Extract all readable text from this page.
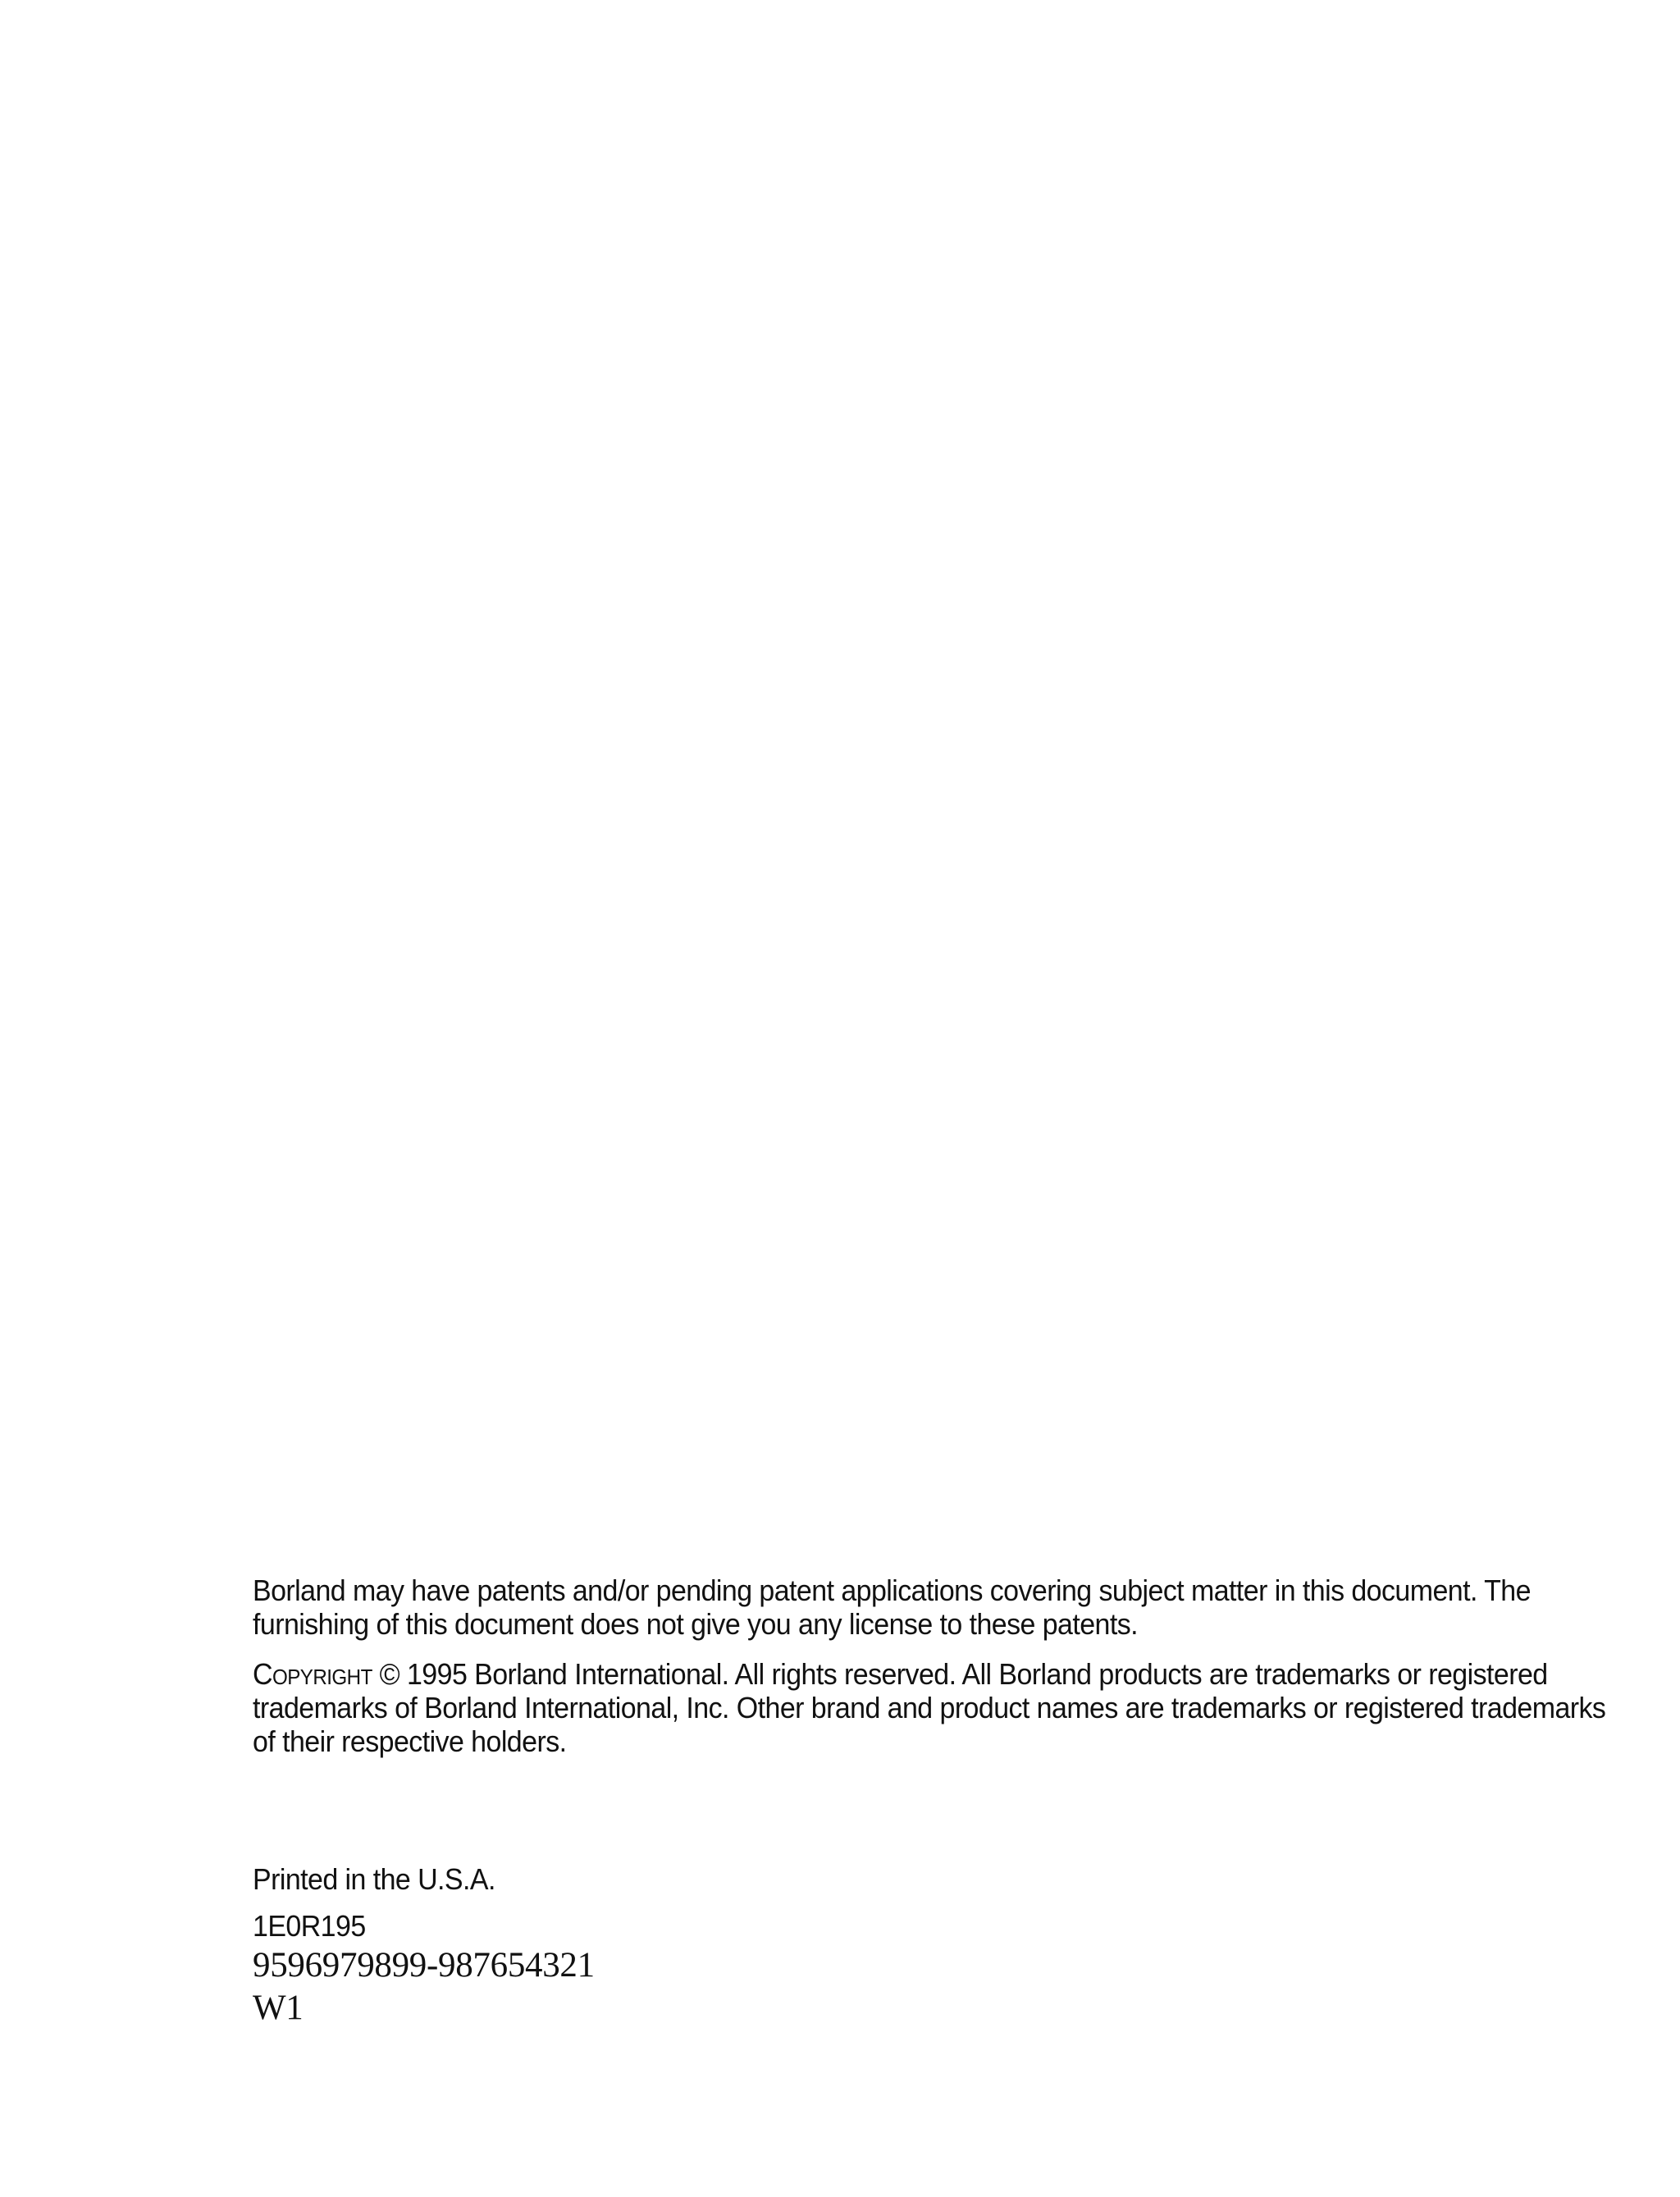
Borland may have patents and/or pending patent applications covering subject matter in this document. The furnishing of this document does not give you any license to these patents.

Copyright © 1995 Borland International. All rights reserved. All Borland products are trademarks or registered trademarks of Borland International, Inc. Other brand and product names are trademarks or registered trademarks of their respective holders.

Printed in the U.S.A.
1E0R195
9596979899-987654321
W1
